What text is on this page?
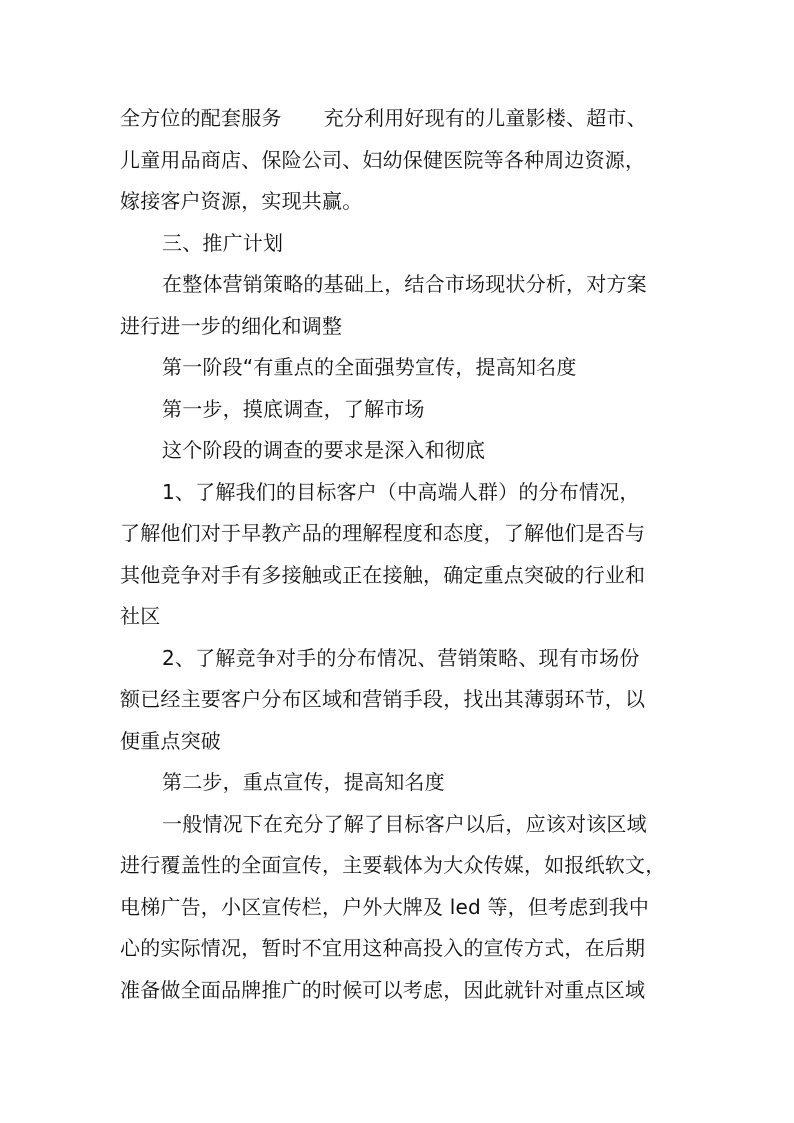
全方位的配套服务 充分利用好现有的儿童影楼、超市、
儿童用品商店、保险公司、妇幼保健医院等各种周边资源，
嫁接客户资源，实现共赢。
三、推广计划
在整体营销策略的基础上，结合市场现状分析，对方案
进行进一步的细化和调整
第一阶段“有重点的全面强势宣传，提高知名度
第一步，摸底调查，了解市场
这个阶段的调查的要求是深入和彻底
1、了解我们的目标客户（中高端人群）的分布情况，
了解他们对于早教产品的理解程度和态度，了解他们是否与
其他竞争对手有多接触或正在接触，确定重点突破的行业和
社区
2、了解竞争对手的分布情况、营销策略、现有市场份
额已经主要客户分布区域和营销手段，找出其薄弱环节，以
便重点突破
第二步，重点宣传，提高知名度
一般情况下在充分了解了目标客户以后，应该对该区域
进行覆盖性的全面宣传，主要载体为大众传媒，如报纸软文，
电梯广告，小区宣传栏，户外大牌及 led 等，但考虑到我中
心的实际情况，暂时不宜用这种高投入的宣传方式，在后期
准备做全面品牌推广的时候可以考虑，因此就针对重点区域
